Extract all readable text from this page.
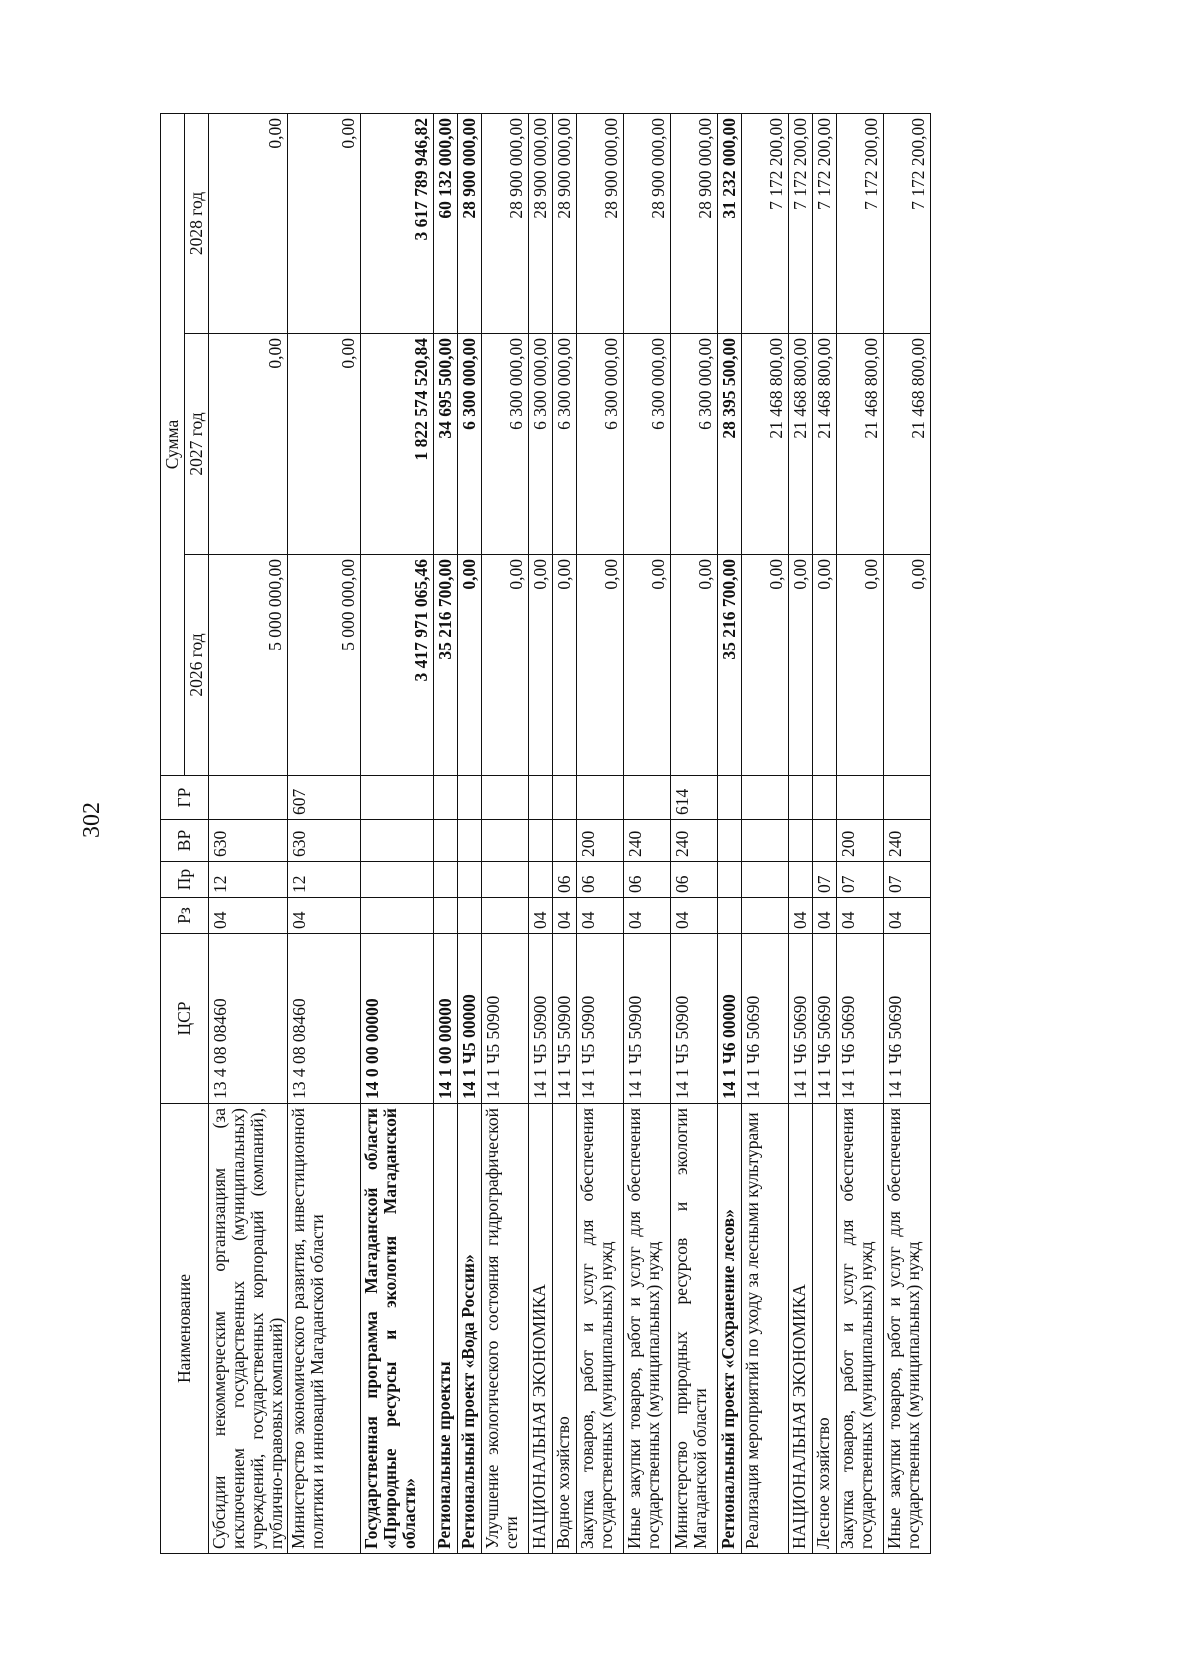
302
Наименование	ЦСР	Рз	Пр	ВР	ГР	Сумма		
						2026 год	2027 год	2028 год
Субсидии некоммерческим организациям (за исключением государственных (муниципальных) учреждений, государственных корпораций (компаний), публично-правовых компаний)	13 4 08 08460	04	12	630		5 000 000,00	0,00	0,00
Министерство экономического развития, инвестиционной политики и инноваций Магаданской области	13 4 08 08460	04	12	630	607	5 000 000,00	0,00	0,00
Государственная программа Магаданской области «Природные ресурсы и экология Магаданской области»	14 0 00 00000					3 417 971 065,46	1 822 574 520,84	3 617 789 946,82
Региональные проекты	14 1 00 00000					35 216 700,00	34 695 500,00	60 132 000,00
Региональный проект «Вода России»	14 1 Ч5 00000					0,00	6 300 000,00	28 900 000,00
Улучшение экологического состояния гидрографической сети	14 1 Ч5 50900					0,00	6 300 000,00	28 900 000,00
НАЦИОНАЛЬНАЯ ЭКОНОМИКА	14 1 Ч5 50900	04				0,00	6 300 000,00	28 900 000,00
Водное хозяйство	14 1 Ч5 50900	04	06			0,00	6 300 000,00	28 900 000,00
Закупка товаров, работ и услуг для обеспечения государственных (муниципальных) нужд	14 1 Ч5 50900	04	06	200		0,00	6 300 000,00	28 900 000,00
Иные закупки товаров, работ и услуг для обеспечения государственных (муниципальных) нужд	14 1 Ч5 50900	04	06	240		0,00	6 300 000,00	28 900 000,00
Министерство природных ресурсов и экологии Магаданской области	14 1 Ч5 50900	04	06	240	614	0,00	6 300 000,00	28 900 000,00
Региональный проект «Сохранение лесов»	14 1 Ч6 00000					35 216 700,00	28 395 500,00	31 232 000,00
Реализация мероприятий по уходу за лесными культурами	14 1 Ч6 50690					0,00	21 468 800,00	7 172 200,00
НАЦИОНАЛЬНАЯ ЭКОНОМИКА	14 1 Ч6 50690	04				0,00	21 468 800,00	7 172 200,00
Лесное хозяйство	14 1 Ч6 50690	04	07			0,00	21 468 800,00	7 172 200,00
Закупка товаров, работ и услуг для обеспечения государственных (муниципальных) нужд	14 1 Ч6 50690	04	07	200		0,00	21 468 800,00	7 172 200,00
Иные закупки товаров, работ и услуг для обеспечения государственных (муниципальных) нужд	14 1 Ч6 50690	04	07	240		0,00	21 468 800,00	7 172 200,00
